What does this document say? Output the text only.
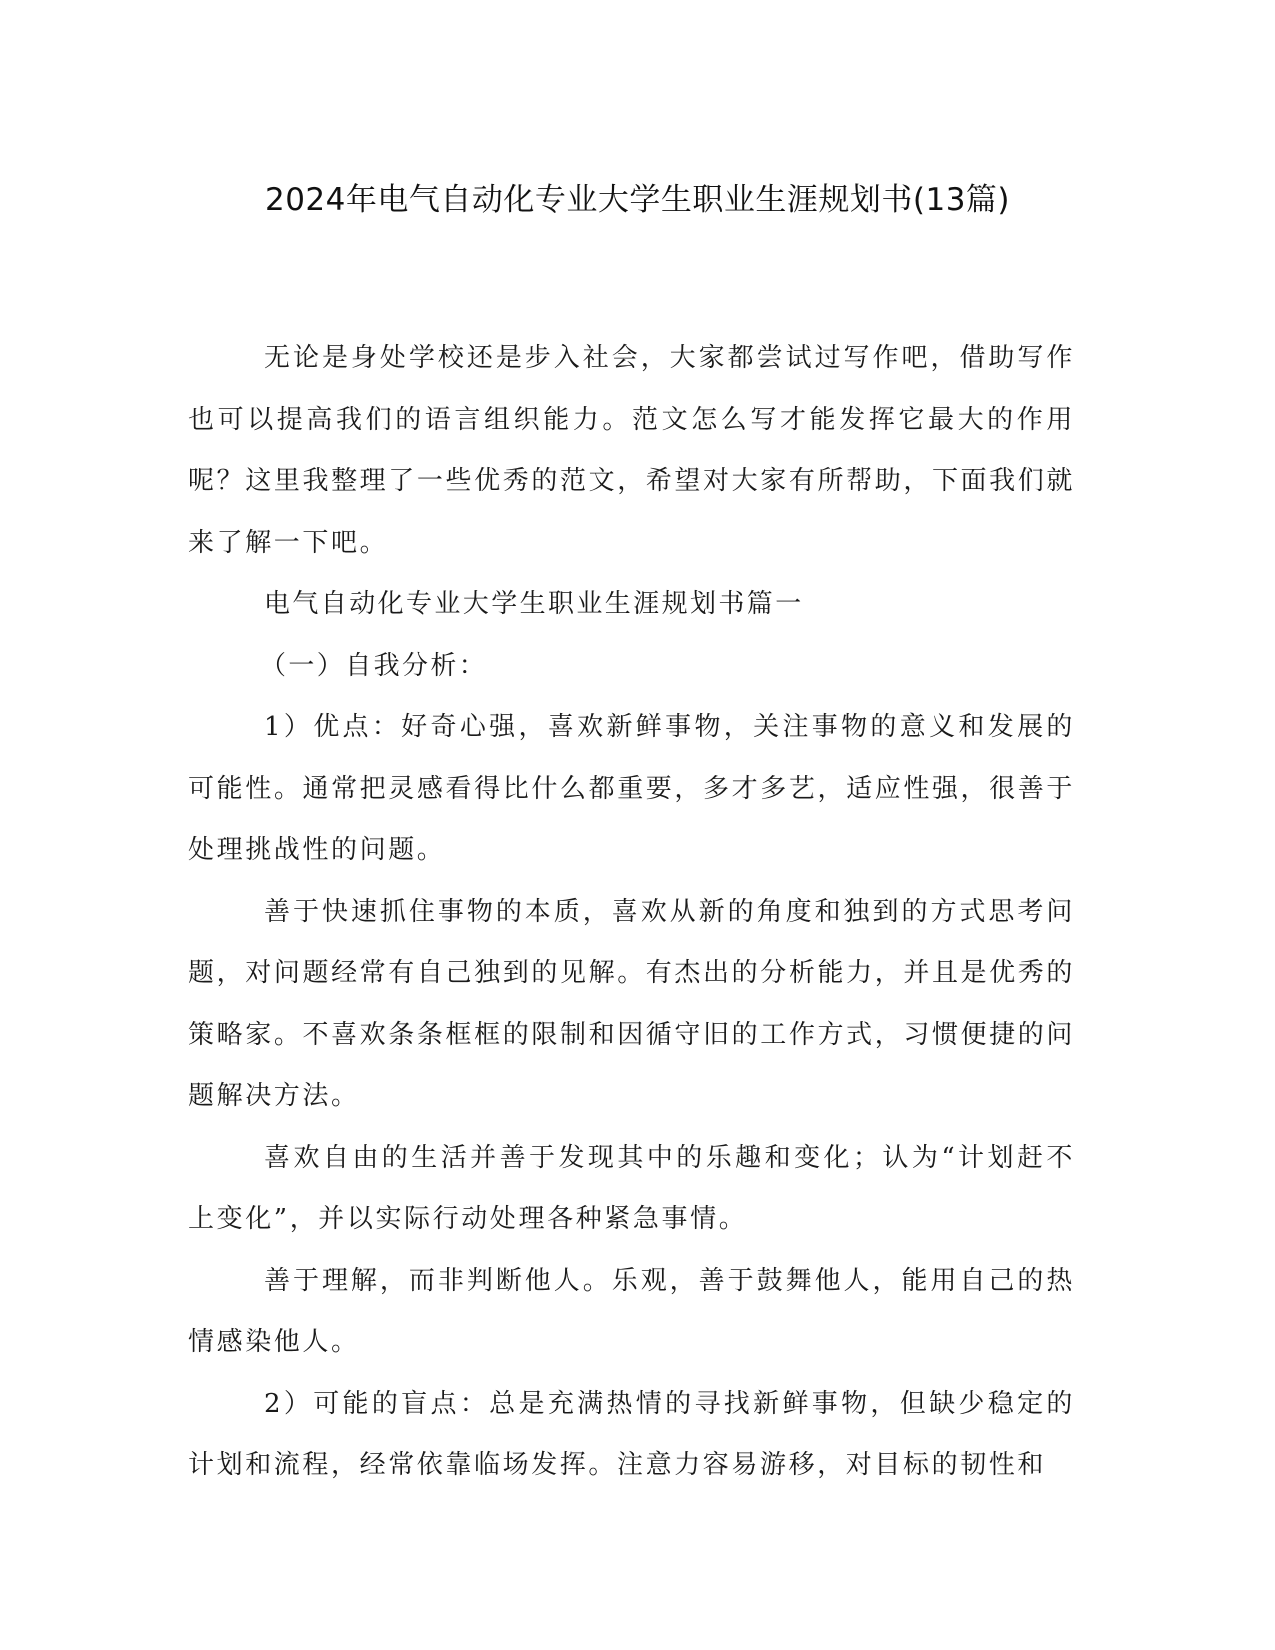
2024年电气自动化专业大学生职业生涯规划书(13篇)

无论是身处学校还是步入社会，大家都尝试过写作吧，借助写作也可以提高我们的语言组织能力。范文怎么写才能发挥它最大的作用呢？这里我整理了一些优秀的范文，希望对大家有所帮助，下面我们就来了解一下吧。

电气自动化专业大学生职业生涯规划书篇一

（一）自我分析：

1）优点：好奇心强，喜欢新鲜事物，关注事物的意义和发展的可能性。通常把灵感看得比什么都重要，多才多艺，适应性强，很善于处理挑战性的问题。

善于快速抓住事物的本质，喜欢从新的角度和独到的方式思考问题，对问题经常有自己独到的见解。有杰出的分析能力，并且是优秀的策略家。不喜欢条条框框的限制和因循守旧的工作方式，习惯便捷的问题解决方法。

喜欢自由的生活并善于发现其中的乐趣和变化；认为“计划赶不上变化”，并以实际行动处理各种紧急事情。

善于理解，而非判断他人。乐观，善于鼓舞他人，能用自己的热情感染他人。

2）可能的盲点：总是充满热情的寻找新鲜事物，但缺少稳定的计划和流程，经常依靠临场发挥。注意力容易游移，对目标的韧性和
